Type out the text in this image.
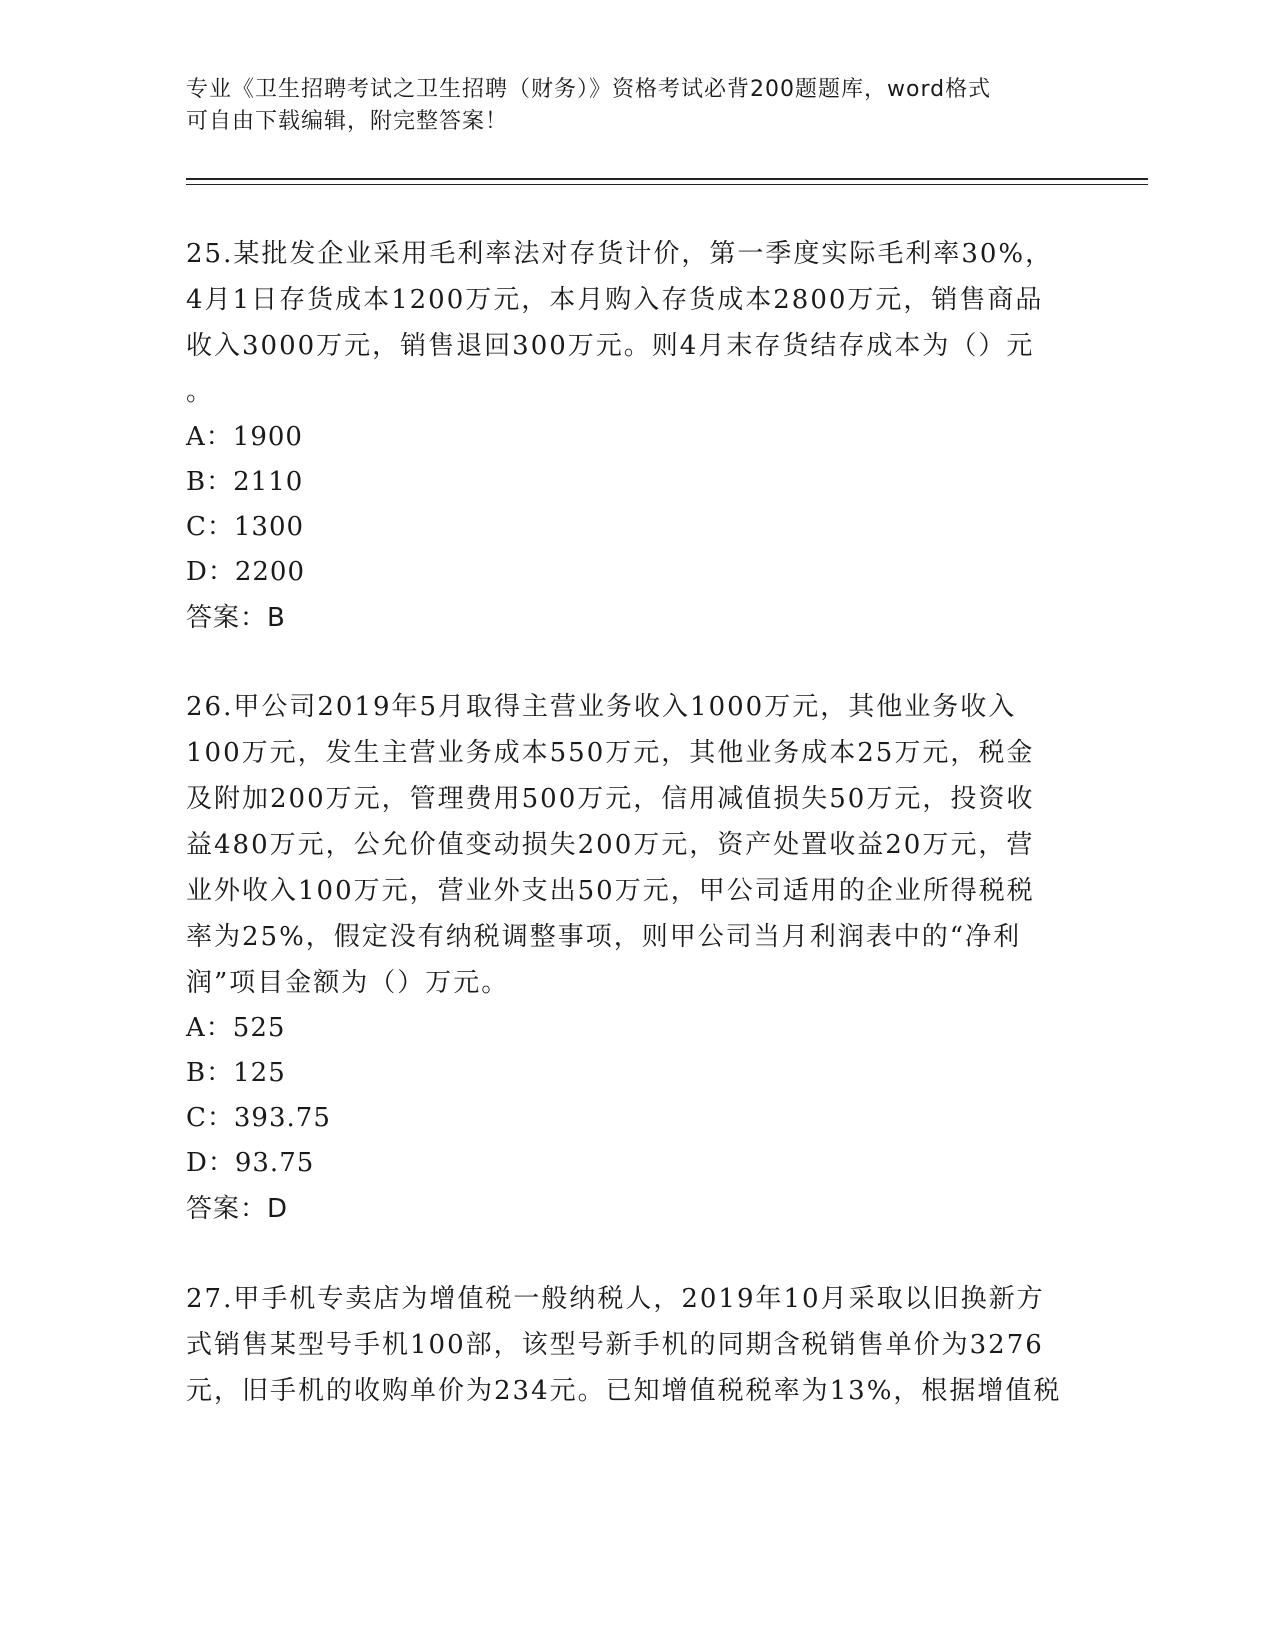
专业《卫生招聘考试之卫生招聘（财务）》资格考试必背200题题库，word格式
可自由下载编辑，附完整答案！
25.某批发企业采用毛利率法对存货计价，第一季度实际毛利率30%，
4月1日存货成本1200万元，本月购入存货成本2800万元，销售商品
收入3000万元，销售退回300万元。则4月末存货结存成本为（）元
。
A：1900
B：2110
C：1300
D：2200
答案：B
26.甲公司2019年5月取得主营业务收入1000万元，其他业务收入
100万元，发生主营业务成本550万元，其他业务成本25万元，税金
及附加200万元，管理费用500万元，信用减值损失50万元，投资收
益480万元，公允价值变动损失200万元，资产处置收益20万元，营
业外收入100万元，营业外支出50万元，甲公司适用的企业所得税税
率为25%，假定没有纳税调整事项，则甲公司当月利润表中的“净利
润”项目金额为（）万元。
A：525
B：125
C：393.75
D：93.75
答案：D
27.甲手机专卖店为增值税一般纳税人，2019年10月采取以旧换新方
式销售某型号手机100部，该型号新手机的同期含税销售单价为3276
元，旧手机的收购单价为234元。已知增值税税率为13%，根据增值税
